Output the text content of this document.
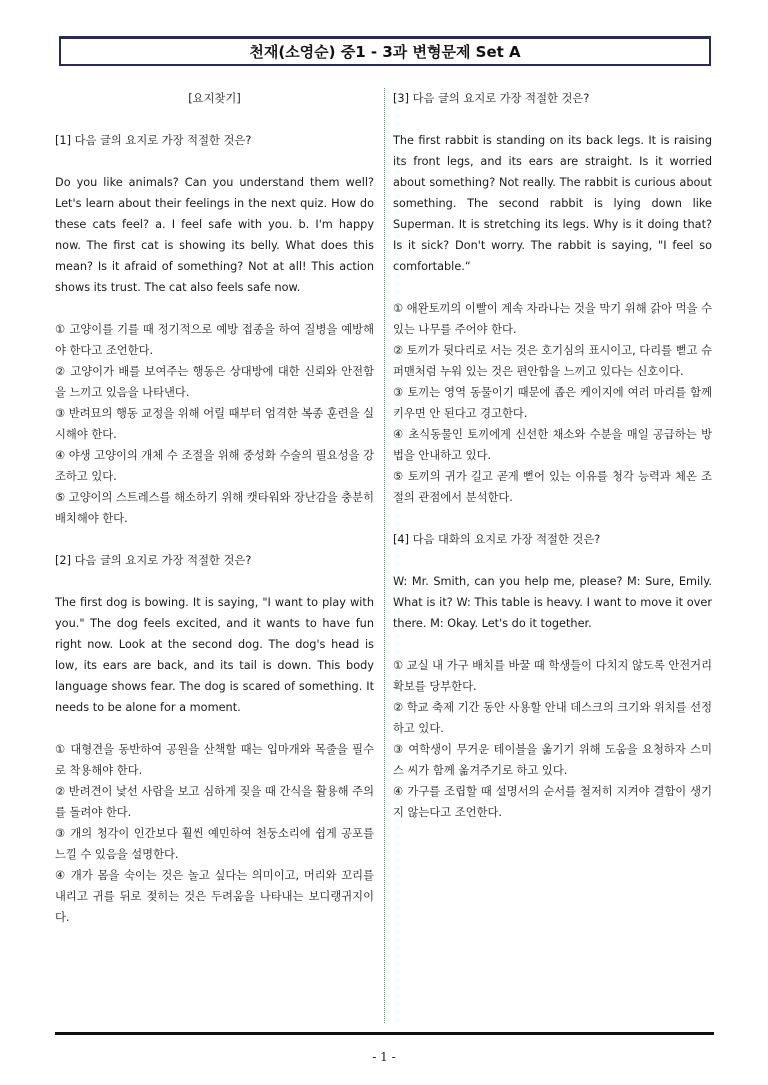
천재(소영순) 중1 - 3과 변형문제 Set A

[요지찾기]

[1] 다음 글의 요지로 가장 적절한 것은?

Do you like animals? Can you understand them well? Let's learn about their feelings in the next quiz. How do these cats feel? a. I feel safe with you. b. I'm happy now. The first cat is showing its belly. What does this mean? Is it afraid of something? Not at all! This action shows its trust. The cat also feels safe now.

① 고양이를 기를 때 정기적으로 예방 접종을 하여 질병을 예방해야 한다고 조언한다.

② 고양이가 배를 보여주는 행동은 상대방에 대한 신뢰와 안전함을 느끼고 있음을 나타낸다.

③ 반려묘의 행동 교정을 위해 어릴 때부터 엄격한 복종 훈련을 실시해야 한다.

④ 야생 고양이의 개체 수 조절을 위해 중성화 수술의 필요성을 강조하고 있다.

⑤ 고양이의 스트레스를 해소하기 위해 캣타워와 장난감을 충분히 배치해야 한다.

[2] 다음 글의 요지로 가장 적절한 것은?

The first dog is bowing. It is saying, "I want to play with you." The dog feels excited, and it wants to have fun right now. Look at the second dog. The dog's head is low, its ears are back, and its tail is down. This body language shows fear. The dog is scared of something. It needs to be alone for a moment.

① 대형견을 동반하여 공원을 산책할 때는 입마개와 목줄을 필수로 착용해야 한다.

② 반려견이 낯선 사람을 보고 심하게 짖을 때 간식을 활용해 주의를 돌려야 한다.

③ 개의 청각이 인간보다 훨씬 예민하여 천둥소리에 쉽게 공포를 느낄 수 있음을 설명한다.

④ 개가 몸을 숙이는 것은 놀고 싶다는 의미이고, 머리와 꼬리를 내리고 귀를 뒤로 젖히는 것은 두려움을 나타내는 보디랭귀지이다.

[3] 다음 글의 요지로 가장 적절한 것은?

The first rabbit is standing on its back legs. It is raising its front legs, and its ears are straight. Is it worried about something? Not really. The rabbit is curious about something. The second rabbit is lying down like Superman. It is stretching its legs. Why is it doing that? Is it sick? Don't worry. The rabbit is saying, "I feel so comfortable.“

① 애완토끼의 이빨이 계속 자라나는 것을 막기 위해 갉아 먹을 수 있는 나무를 주어야 한다.

② 토끼가 뒷다리로 서는 것은 호기심의 표시이고, 다리를 뻗고 슈퍼맨처럼 누워 있는 것은 편안함을 느끼고 있다는 신호이다.

③ 토끼는 영역 동물이기 때문에 좁은 케이지에 여러 마리를 함께 키우면 안 된다고 경고한다.

④ 초식동물인 토끼에게 신선한 채소와 수분을 매일 공급하는 방법을 안내하고 있다.

⑤ 토끼의 귀가 길고 곧게 뻗어 있는 이유를 청각 능력과 체온 조절의 관점에서 분석한다.

[4] 다음 대화의 요지로 가장 적절한 것은?

W: Mr. Smith, can you help me, please? M: Sure, Emily. What is it? W: This table is heavy. I want to move it over there. M: Okay. Let's do it together.

① 교실 내 가구 배치를 바꿀 때 학생들이 다치지 않도록 안전거리 확보를 당부한다.

② 학교 축제 기간 동안 사용할 안내 데스크의 크기와 위치를 선정하고 있다.

③ 여학생이 무거운 테이블을 옮기기 위해 도움을 요청하자 스미스 씨가 함께 옮겨주기로 하고 있다.

④ 가구를 조립할 때 설명서의 순서를 철저히 지켜야 결함이 생기지 않는다고 조언한다.

- 1 -
